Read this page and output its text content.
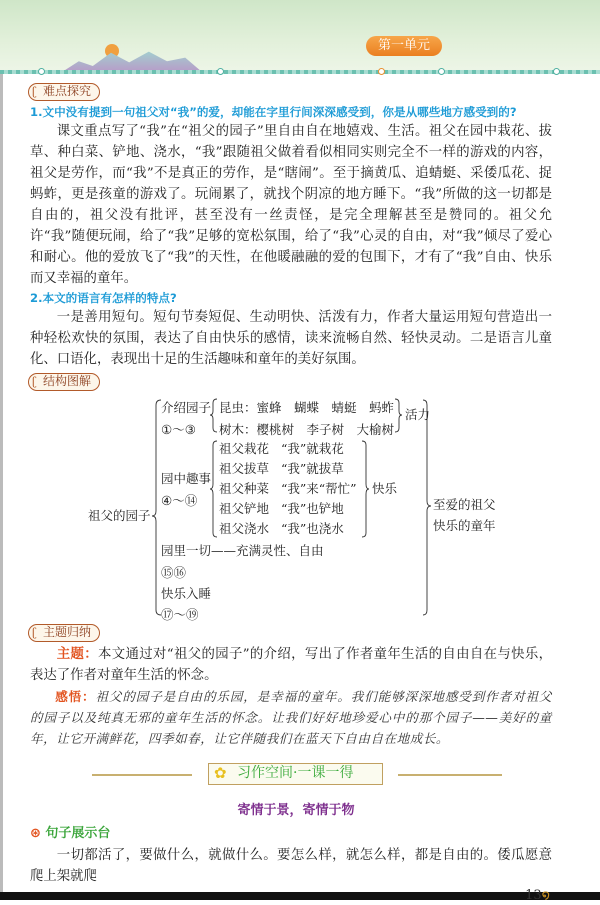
第一单元
ʗ 难点探究
1.文中没有提到一句祖父对“我”的爱，却能在字里行间深深感受到，你是从哪些地方感受到的?
课文重点写了“我”在“祖父的园子”里自由自在地嬉戏、生活。祖父在园中栽花、拔草、种白菜、铲地、浇水，“我”跟随祖父做着看似相同实则完全不一样的游戏的内容，祖父是劳作，而“我”不是真正的劳作，是“瞎闹”。至于摘黄瓜、追蜻蜓、采倭瓜花、捉蚂蚱，更是孩童的游戏了。玩闹累了，就找个阴凉的地方睡下。“我”所做的这一切都是自由的，祖父没有批评，甚至没有一丝责怪，是完全理解甚至是赞同的。祖父允许“我”随便玩闹，给了“我”足够的宽松氛围，给了“我”心灵的自由，对“我”倾尽了爱心和耐心。他的爱放飞了“我”的天性，在他暖融融的爱的包围下，才有了“我”自由、快乐而又幸福的童年。
2.本文的语言有怎样的特点?
一是善用短句。短句节奏短促、生动明快、活泼有力，作者大量运用短句营造出一种轻松欢快的氛围，表达了自由快乐的感情，读来流畅自然、轻快灵动。二是语言儿童化、口语化，表现出十足的生活趣味和童年的美好氛围。
ʗ 结构图解
祖父的园子
介绍园子
①～③
昆虫：蜜蜂　蝴蝶　蜻蜓　蚂蚱
树木：樱桃树　李子树　大榆树
活力
园中趣事
④～⑭
祖父栽花 “我”就栽花
祖父拔草 “我”就拔草
祖父种菜 “我”来“帮忙”
祖父铲地 “我”也铲地
祖父浇水 “我”也浇水
快乐
园里一切——充满灵性、自由
⑮⑯
快乐入睡
⑰～⑲
至爱的祖父
快乐的童年
ʗ 主题归纳
主题：本文通过对“祖父的园子”的介绍，写出了作者童年生活的自由自在与快乐，表达了作者对童年生活的怀念。
感悟：祖父的园子是自由的乐园，是幸福的童年。我们能够深深地感受到作者对祖父的园子以及纯真无邪的童年生活的怀念。让我们好好地珍爱心中的那个园子——美好的童年，让它开满鲜花，四季如春，让它伴随我们在蓝天下自由自在地成长。
✿ 习作空间·一课一得
寄情于景，寄情于物
⊛ 句子展示台
一切都活了，要做什么，就做什么。要怎么样，就怎么样，都是自由的。倭瓜愿意爬上架就爬
13໑
